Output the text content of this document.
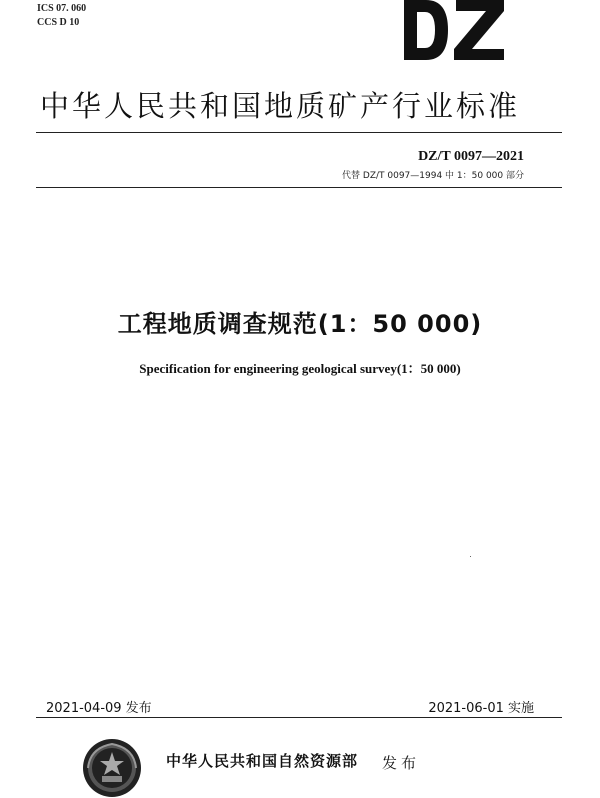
ICS 07. 060
CCS D 10
中华人民共和国地质矿产行业标准
DZ/T 0097—2021
代替 DZ/T 0097—1994 中 1：50 000 部分
工程地质调查规范(1：50 000)
Specification for engineering geological survey(1：50 000)
2021-04-09 发布	2021-06-01 实施
中华人民共和国自然资源部 发布
